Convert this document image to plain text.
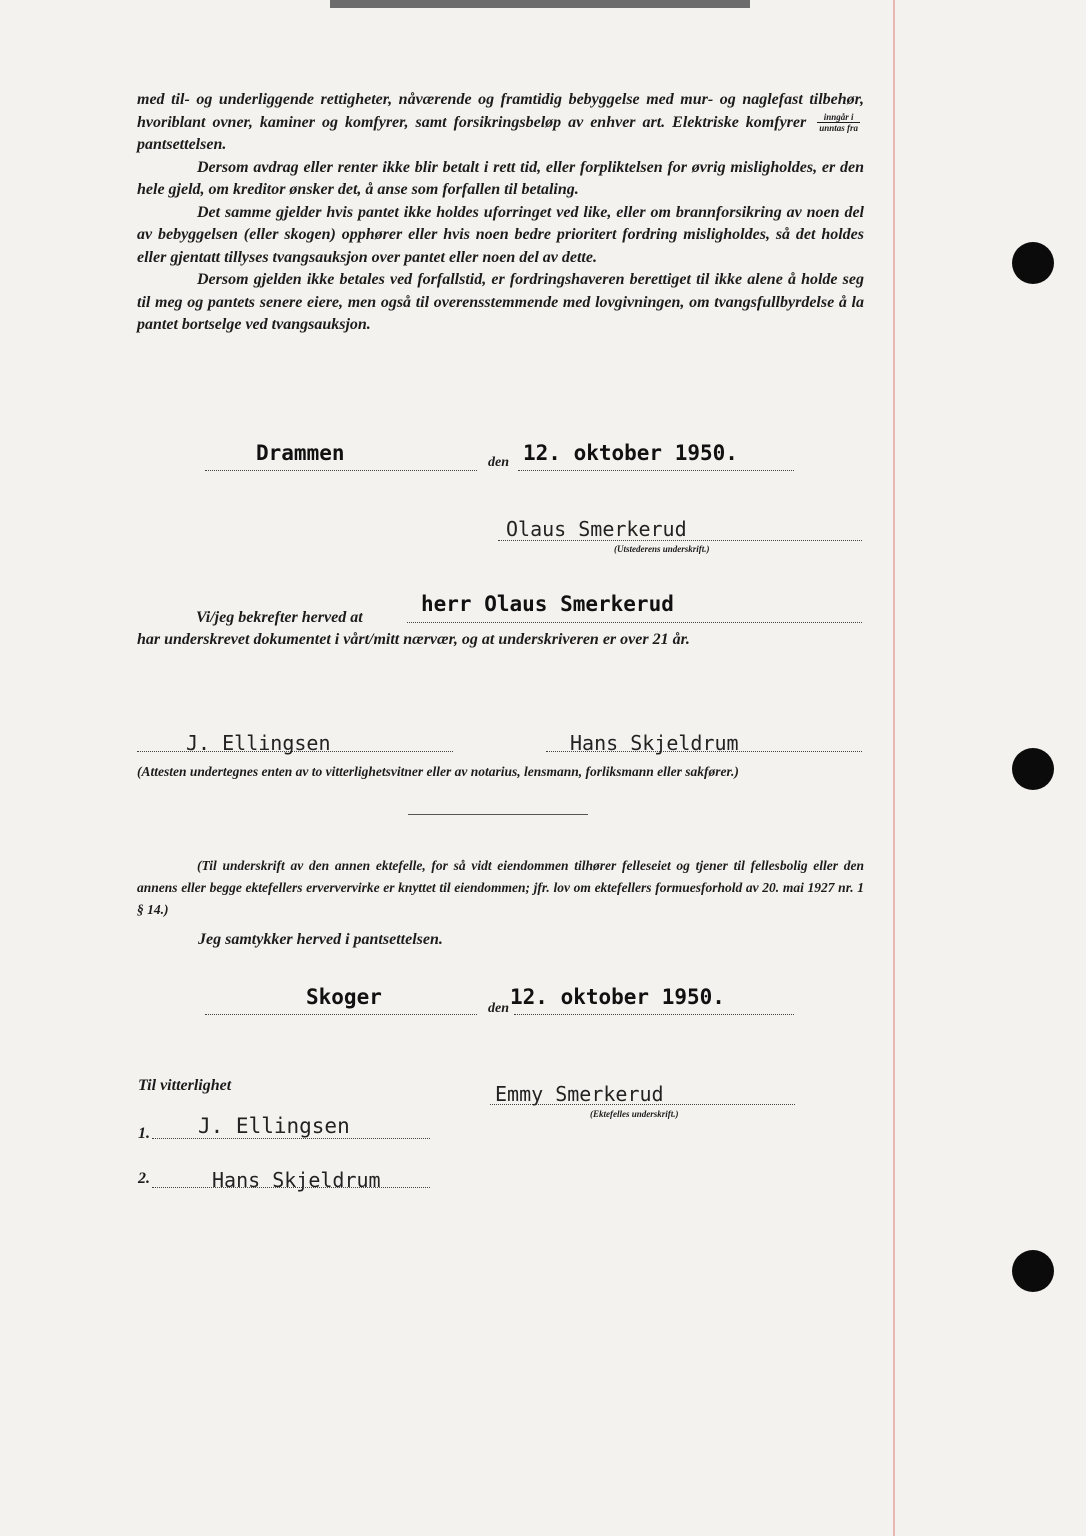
med til- og underliggende rettigheter, nåværende og framtidig bebyggelse med mur- og naglefast tilbehør, hvoriblant ovner, kaminer og komfyrer, samt forsikringsbeløp av enhver art. Elektriske komfyrer $\frac{\text{inngår i}}{\text{unntas fra}}$
pantsettelsen.
Dersom avdrag eller renter ikke blir betalt i rett tid, eller forpliktelsen for øvrig misligholdes, er den hele gjeld, om kreditor ønsker det, å anse som forfallen til betaling.
Det samme gjelder hvis pantet ikke holdes uforringet ved like, eller om brannforsikring av noen del av bebyggelsen (eller skogen) opphører eller hvis noen bedre prioritert fordring misligholdes, så det holdes eller gjentatt tillyses tvangsauksjon over pantet eller noen del av dette.
Dersom gjelden ikke betales ved forfallstid, er fordringshaveren berettiget til ikke alene å holde seg til meg og pantets senere eiere, men også til overensstemmende med lovgivningen, om tvangsfullbyrdelse å la pantet bortselge ved tvangsauksjon.
Drammen	den 12. oktober 1950.
Olaus Smerkerud
(Utstederens underskrift.)
Vi/jeg bekrefter herved at
herr Olaus Smerkerud
har underskrevet dokumentet i vårt/mitt nærvær, og at underskriveren er over 21 år.
J. Ellingsen	Hans Skjeldrum
(Attesten undertegnes enten av to vitterlighetsvitner eller av notarius, lensmann, forliksmann eller sakfører.)
(Til underskrift av den annen ektefelle, for så vidt eiendommen tilhører felleseiet og tjener til fellesbolig eller den annens eller begge ektefellers erververvirke er knyttet til eiendommen; jfr. lov om ektefellers formuesforhold av 20. mai 1927 nr. 1 § 14.)
Jeg samtykker herved i pantsettelsen.
Skoger	den 12. oktober 1950.
Til vitterlighet	Emmy Smerkerud
(Ektefelles underskrift.)
1. J. Ellingsen
2.	Hans Skjeldrum
